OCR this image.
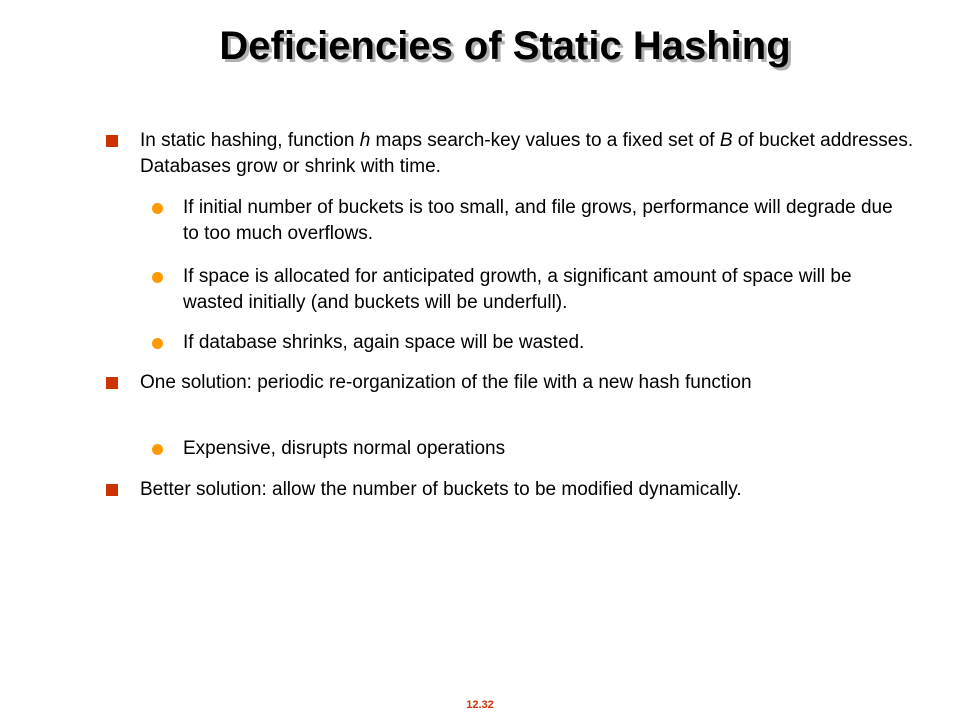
Deficiencies of Static Hashing
In static hashing, function h maps search-key values to a fixed set of B of bucket addresses. Databases grow or shrink with time.
If initial number of buckets is too small, and file grows, performance will degrade due to too much overflows.
If space is allocated for anticipated growth, a significant amount of space will be wasted initially (and buckets will be underfull).
If database shrinks, again space will be wasted.
One solution: periodic re-organization of the file with a new hash function
Expensive, disrupts normal operations
Better solution: allow the number of buckets to be modified dynamically.
12.32
